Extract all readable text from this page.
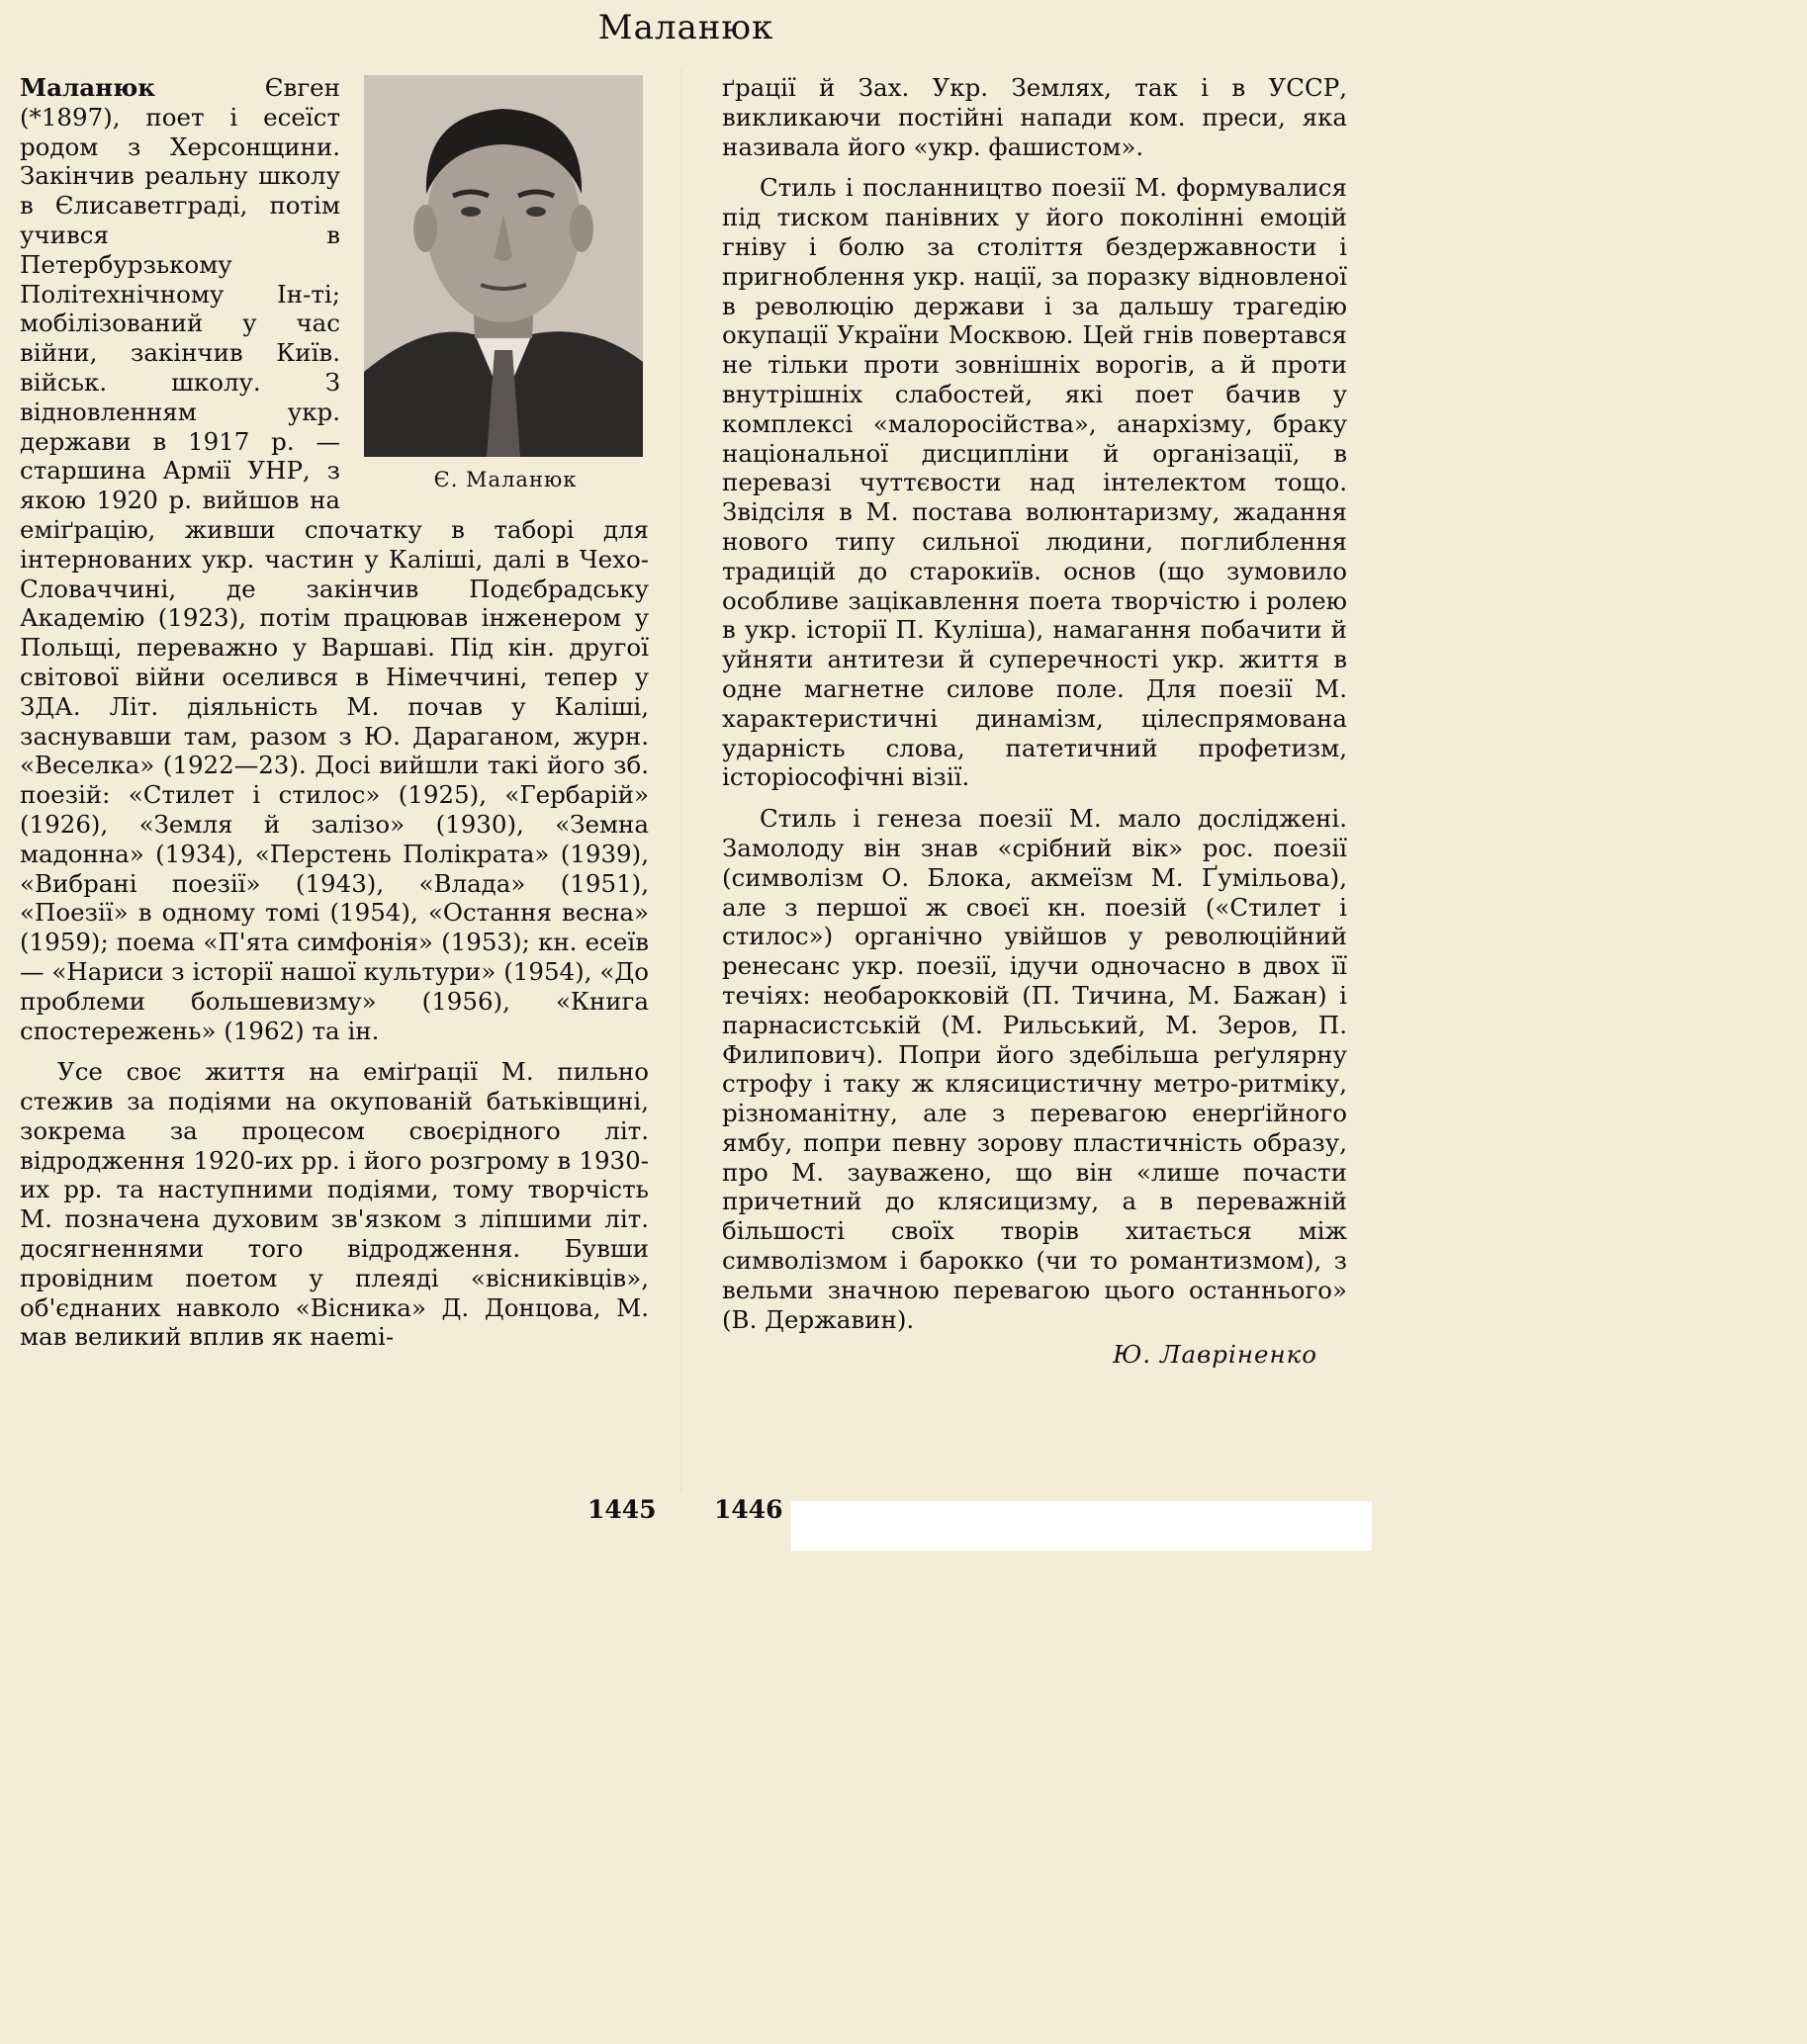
Маланюк
Є. Маланюк

Маланюк Євген (*1897), поет і есеїст родом з Херсонщини. Закінчив реальну школу в Єлисаветграді, потім учився в Петербурзькому Політехнічному Ін-ті; мобілізований у час війни, закінчив Київ. військ. школу. З відновленням укр. держави в 1917 р. — старшина Армії УНР, з якою 1920 р. вийшов на еміґрацію, живши спочатку в таборі для інтернованих укр. частин у Каліші, далі в Чехо-Словаччині, де закінчив Подєбрадську Академію (1923), потім працював інженером у Польщі, переважно у Варшаві. Під кін. другої світової війни оселився в Німеччині, тепер у ЗДА. Літ. діяльність М. почав у Каліші, заснувавши там, разом з Ю. Дараганом, журн. «Веселка» (1922—23). Досі вийшли такі його зб. поезій: «Стилет і стилос» (1925), «Гербарій» (1926), «Земля й залізо» (1930), «Земна мадонна» (1934), «Перстень Полікрата» (1939), «Вибрані поезії» (1943), «Влада» (1951), «Поезії» в одному томі (1954), «Остання весна» (1959); поема «П'ята симфонія» (1953); кн. есеїв — «Нариси з історії нашої культури» (1954), «До проблеми большевизму» (1956), «Книга спостережень» (1962) та ін.

Усе своє життя на еміґрації М. пильно стежив за подіями на окупованій батьківщині, зокрема за процесом своєрідного літ. відродження 1920-их рр. і його розгрому в 1930-их рр. та наступними подіями, тому творчість М. позначена духовим зв'язком з ліпшими літ. досягненнями того відродження. Бувши провідним поетом у плеяді «вісниківців», об'єднаних навколо «Вісника» Д. Донцова, М. мав великий вплив як наemi-

ґрації й Зах. Укр. Землях, так і в УССР, викликаючи постійні напади ком. преси, яка називала його «укр. фашистом».

Стиль і посланництво поезії М. формувалися під тиском панівних у його поколінні емоцій гніву і болю за століття бездержавности і пригноблення укр. нації, за поразку відновленої в революцію держави і за дальшу трагедію окупації України Москвою. Цей гнів повертався не тільки проти зовнішніх ворогів, а й проти внутрішніх слабостей, які поет бачив у комплексі «малоросійства», анархізму, браку національної дисципліни й організації, в перевазі чуттєвости над інтелектом тощо. Звідсіля в М. постава волюнтаризму, жадання нового типу сильної людини, поглиблення традицій до старокиїв. основ (що зумовило особливе зацікавлення поета творчістю і ролею в укр. історії П. Куліша), намагання побачити й уйняти антитези й суперечності укр. життя в одне магнетне силове поле. Для поезії М. характеристичні динамізм, цілеспрямована ударність слова, патетичний профетизм, історіософічні візії.

Стиль і генеза поезії М. мало досліджені. Замолоду він знав «срібний вік» рос. поезії (символізм О. Блока, акмеїзм М. Ґумільова), але з першої ж своєї кн. поезій («Стилет і стилос») органічно увійшов у революційний ренесанс укр. поезії, ідучи одночасно в двох її течіях: необарокковій (П. Тичина, М. Бажан) і парнасистській (М. Рильський, М. Зеров, П. Филипович). Попри його здебільша реґулярну строфу і таку ж клясицистичну метро-ритміку, різноманітну, але з перевагою енерґійного ямбу, попри певну зорову пластичність образу, про М. зауважено, що він «лише почасти причетний до клясицизму, а в переважній більшості своїх творів хитається між символізмом і барокко (чи то романтизмом), з вельми значною перевагою цього останнього» (В. Державин).

Ю. Лавріненко

1445 1446
